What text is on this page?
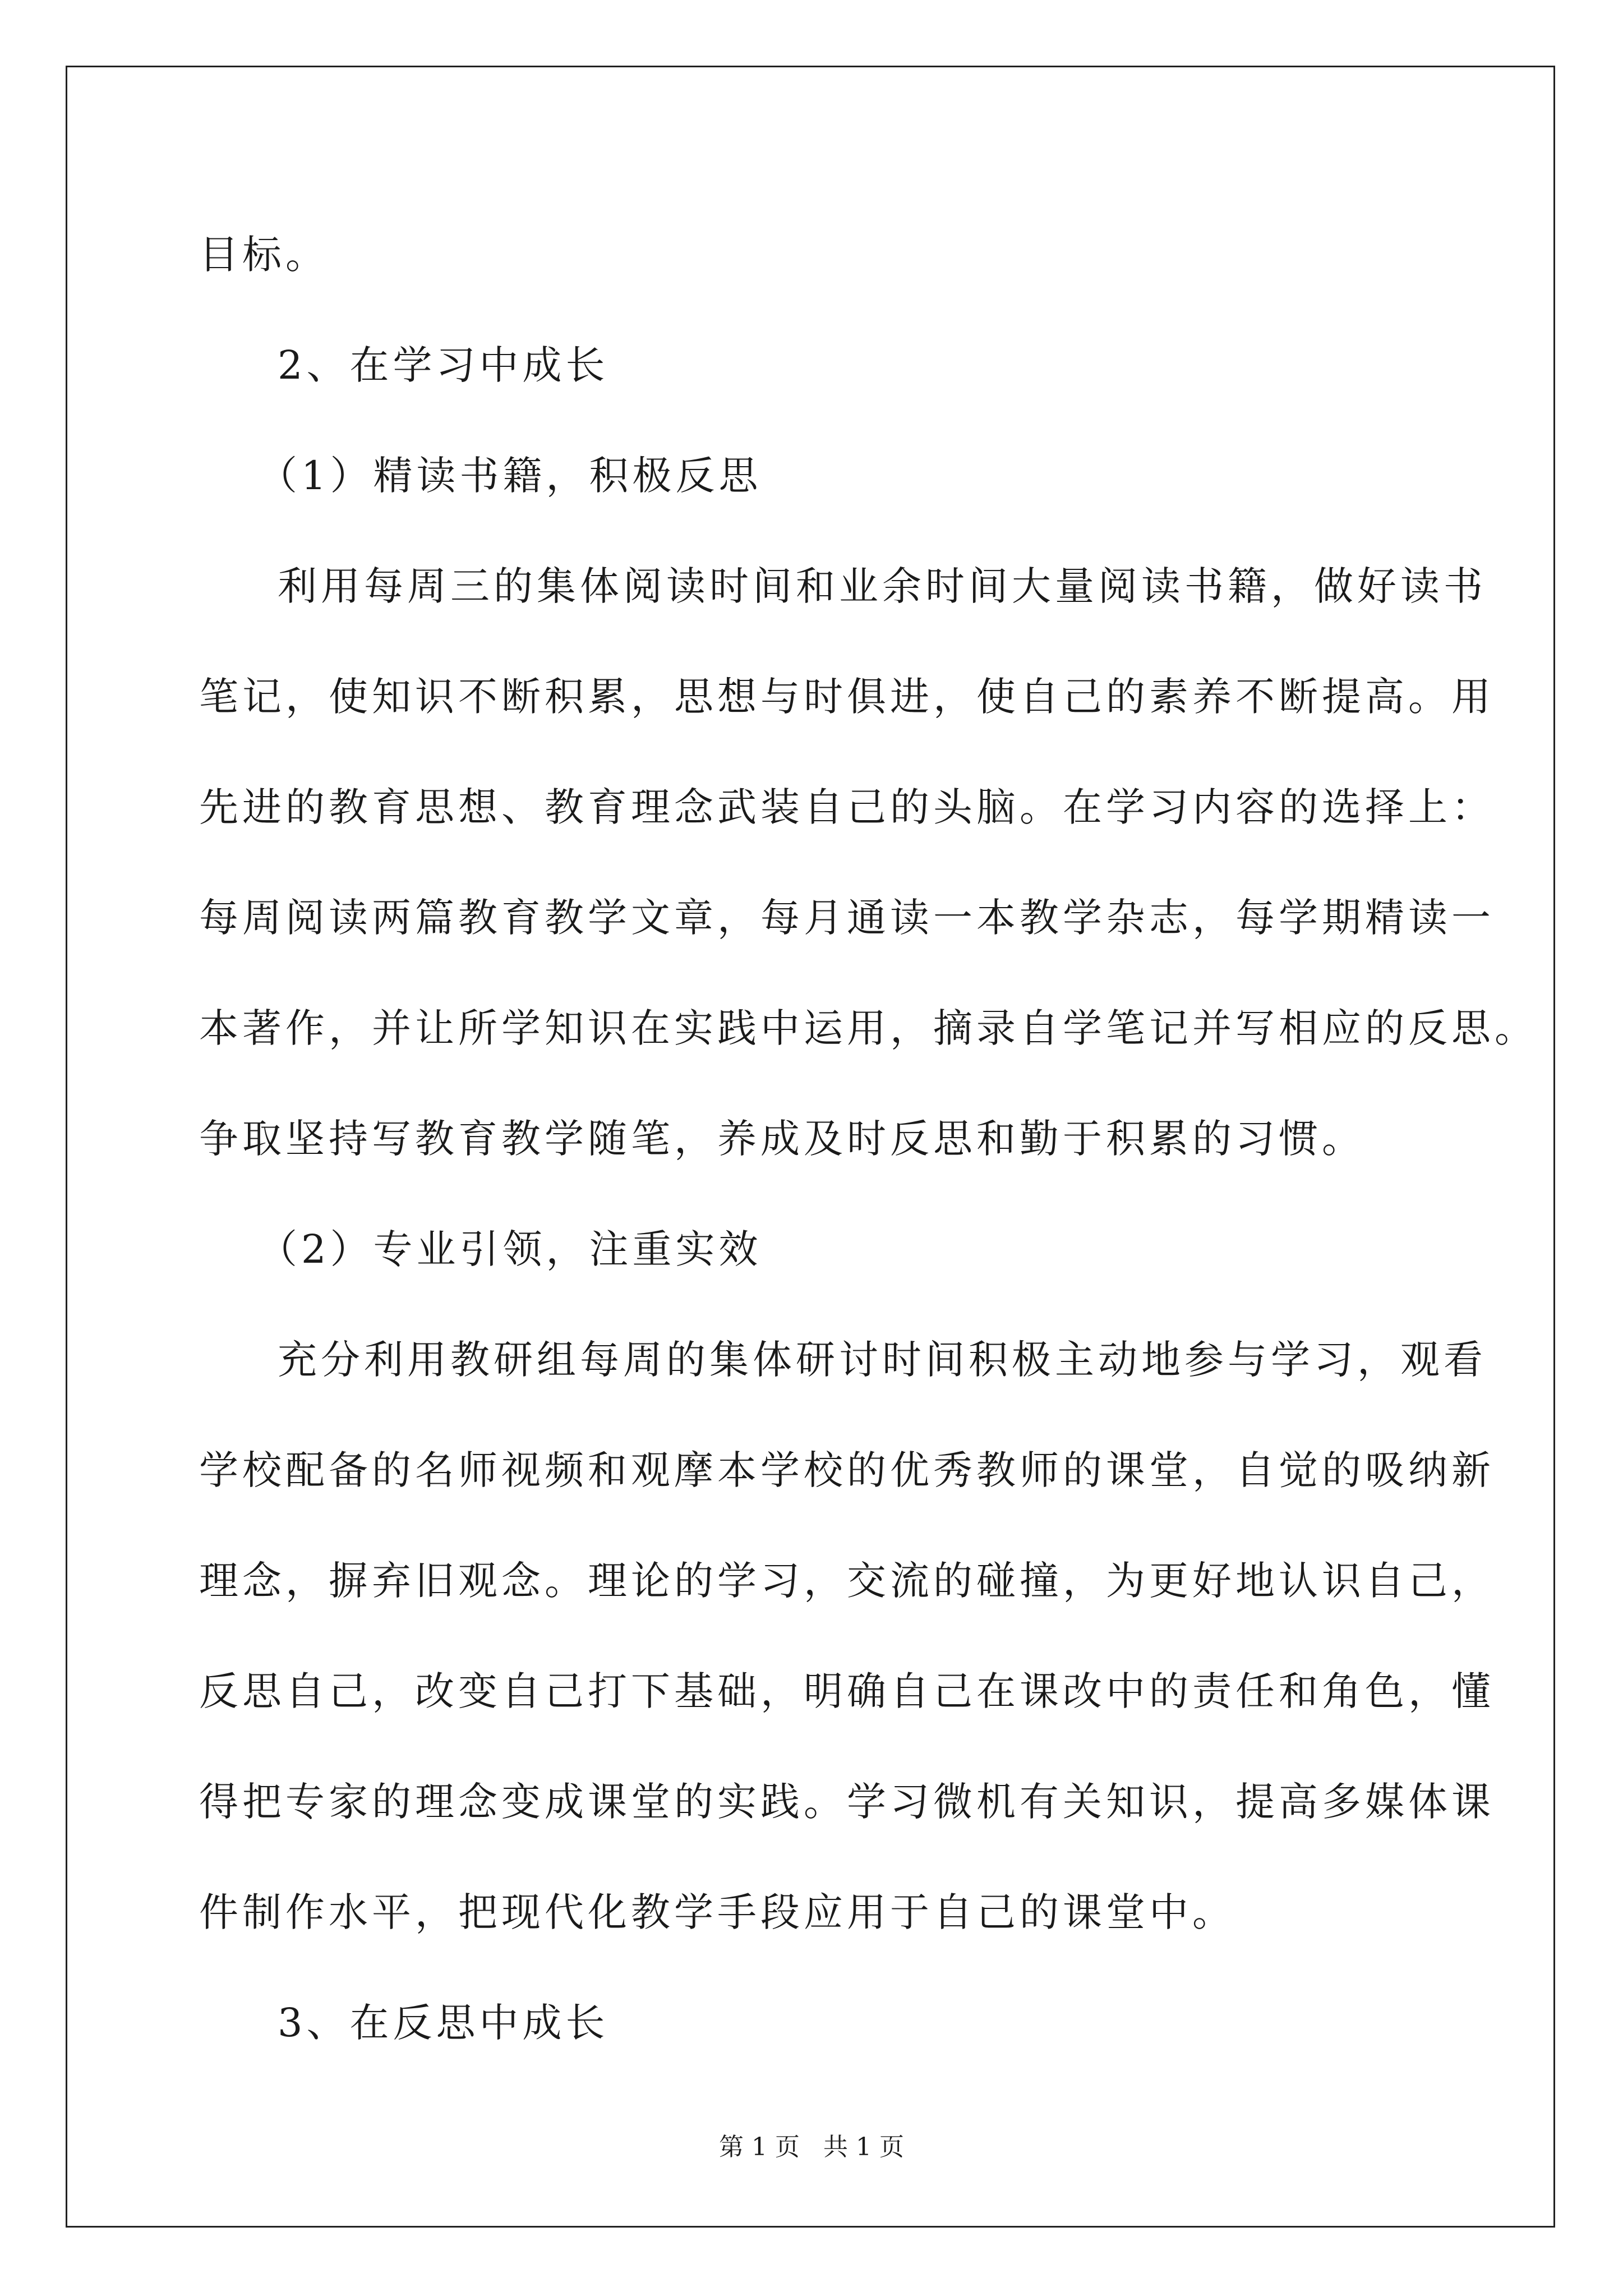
目标。
2、在学习中成长
（1）精读书籍，积极反思
利用每周三的集体阅读时间和业余时间大量阅读书籍，做好读书
笔记，使知识不断积累，思想与时俱进，使自己的素养不断提高。用
先进的教育思想、教育理念武装自己的头脑。在学习内容的选择上：
每周阅读两篇教育教学文章，每月通读一本教学杂志，每学期精读一
本著作，并让所学知识在实践中运用，摘录自学笔记并写相应的反思。
争取坚持写教育教学随笔，养成及时反思和勤于积累的习惯。
（2）专业引领，注重实效
充分利用教研组每周的集体研讨时间积极主动地参与学习，观看
学校配备的名师视频和观摩本学校的优秀教师的课堂，自觉的吸纳新
理念，摒弃旧观念。理论的学习，交流的碰撞，为更好地认识自己，
反思自己，改变自己打下基础，明确自己在课改中的责任和角色，懂
得把专家的理念变成课堂的实践。学习微机有关知识，提高多媒体课
件制作水平，把现代化教学手段应用于自己的课堂中。
3、在反思中成长
第 1 页   共 1 页
